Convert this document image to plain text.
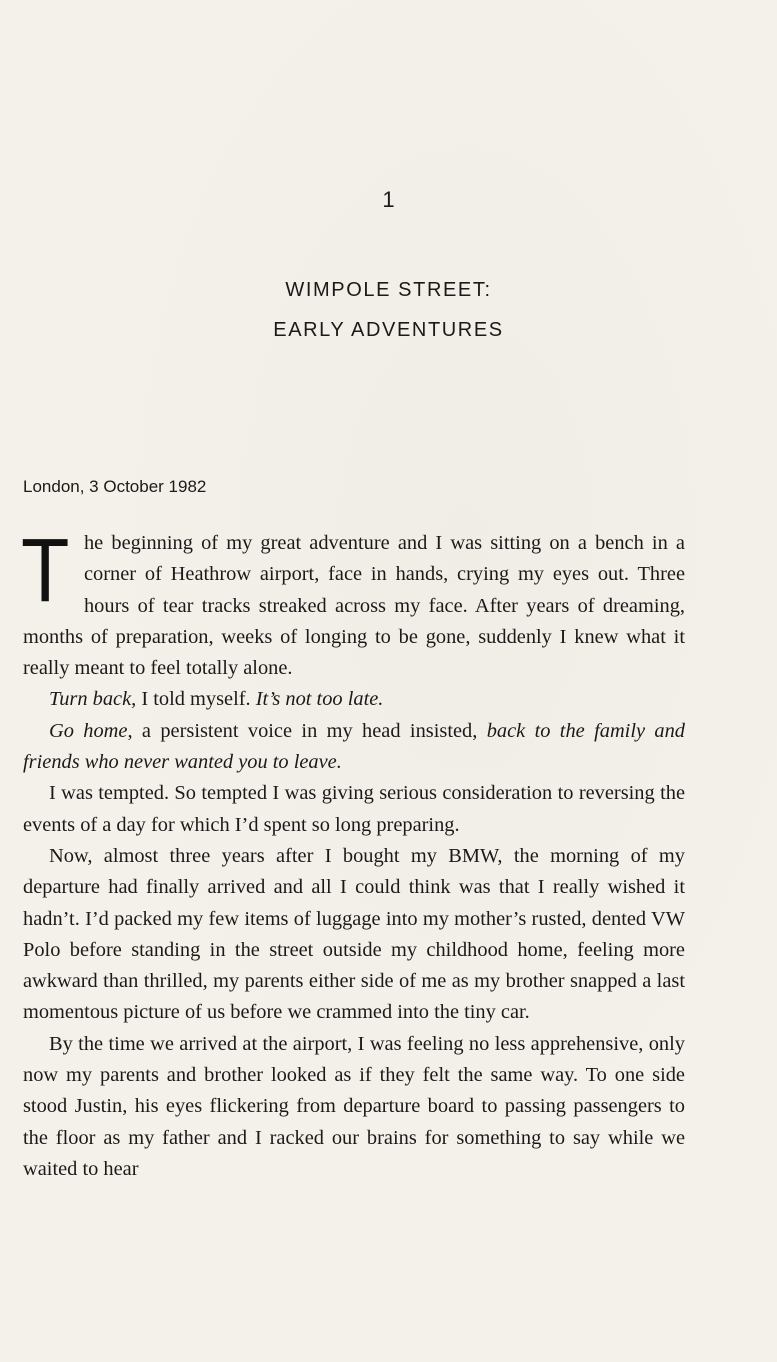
1
WIMPOLE STREET:
EARLY ADVENTURES
London, 3 October 1982

The beginning of my great adventure and I was sitting on a bench in a corner of Heathrow airport, face in hands, crying my eyes out. Three hours of tear tracks streaked across my face. After years of dreaming, months of preparation, weeks of longing to be gone, suddenly I knew what it really meant to feel totally alone.

Turn back, I told myself. It’s not too late.

Go home, a persistent voice in my head insisted, back to the family and friends who never wanted you to leave.

I was tempted. So tempted I was giving serious consideration to reversing the events of a day for which I’d spent so long preparing.

Now, almost three years after I bought my BMW, the morning of my departure had finally arrived and all I could think was that I really wished it hadn’t. I’d packed my few items of luggage into my mother’s rusted, dented VW Polo before standing in the street outside my childhood home, feeling more awkward than thrilled, my parents either side of me as my brother snapped a last momentous picture of us before we crammed into the tiny car.

By the time we arrived at the airport, I was feeling no less apprehensive, only now my parents and brother looked as if they felt the same way. To one side stood Justin, his eyes flickering from departure board to passing passengers to the floor as my father and I racked our brains for something to say while we waited to hear
